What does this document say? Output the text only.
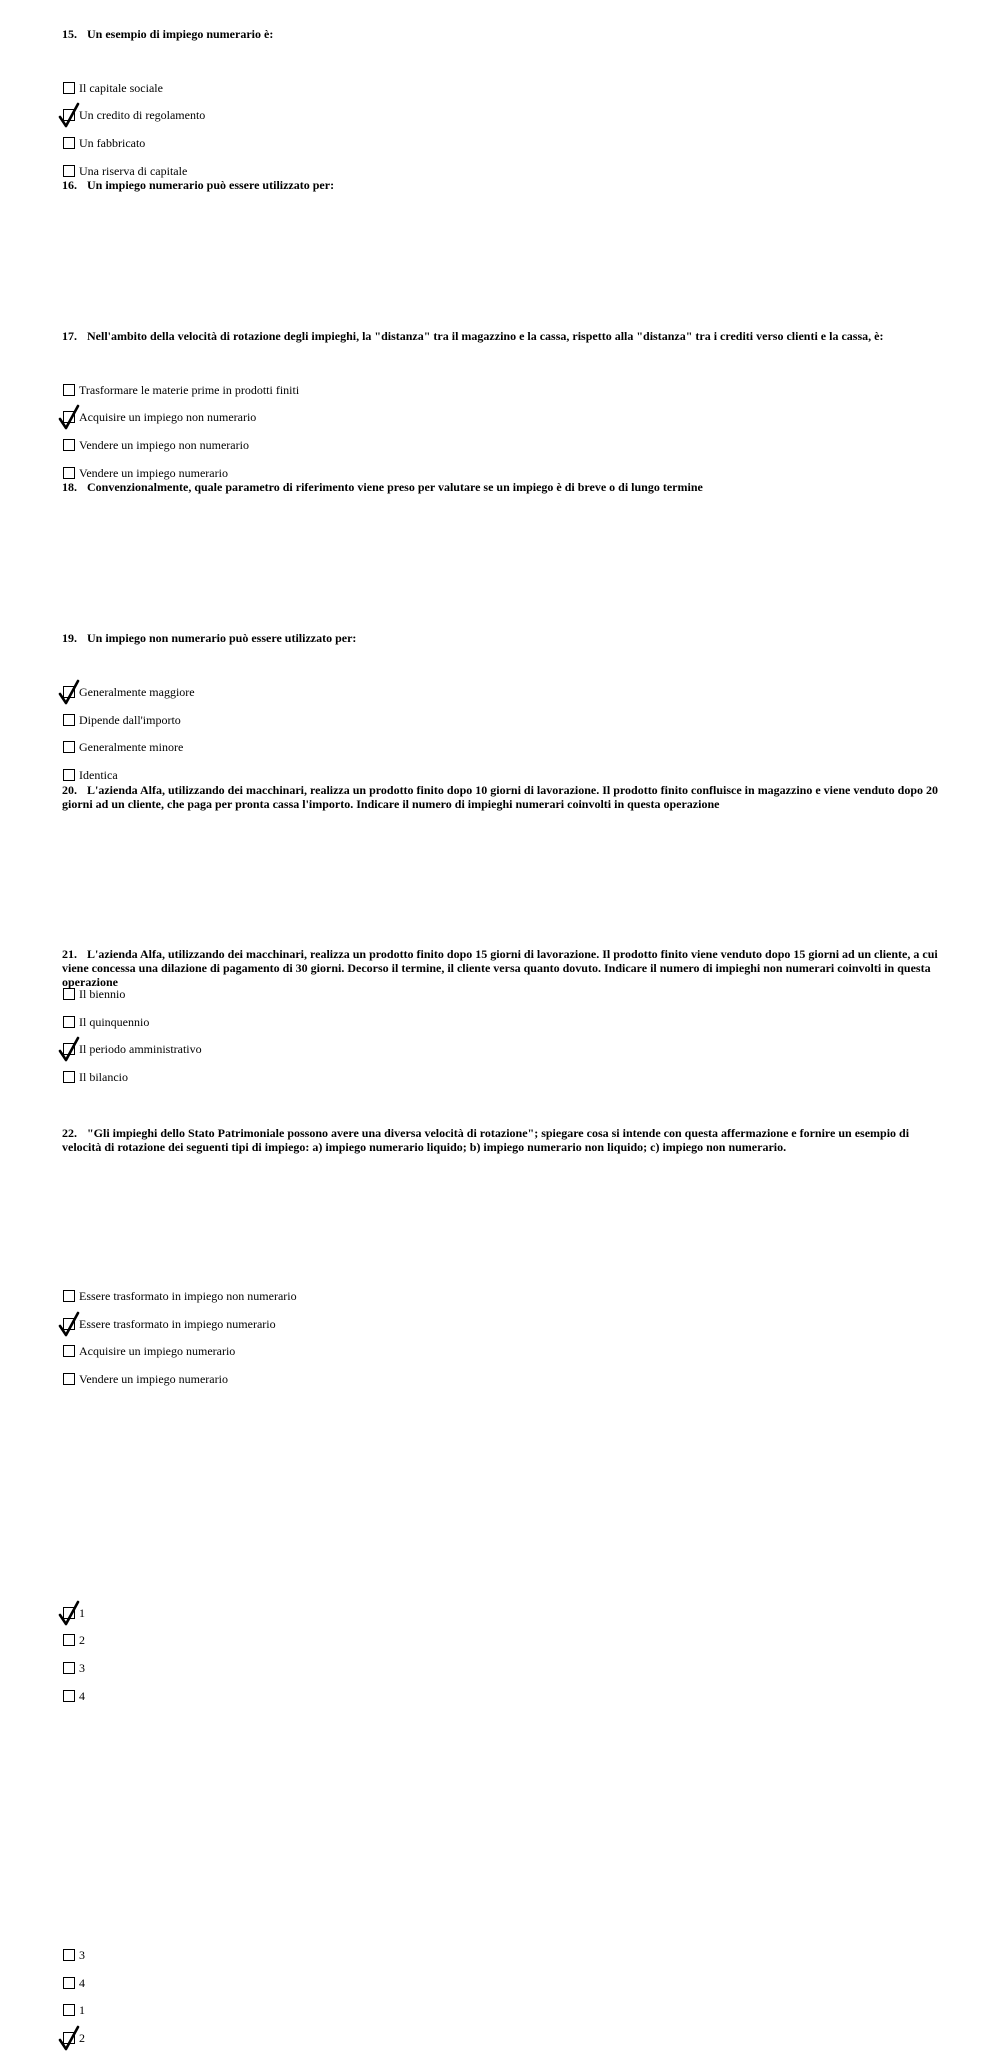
15. Un esempio di impiego numerario è:

Il capitale sociale
Un credito di regolamento
Un fabbricato
Una riserva di capitale

16. Un impiego numerario può essere utilizzato per:

Trasformare le materie prime in prodotti finiti
Acquisire un impiego non numerario
Vendere un impiego non numerario
Vendere un impiego numerario

17. Nell'ambito della velocità di rotazione degli impieghi, la "distanza" tra il magazzino e la cassa, rispetto alla "distanza" tra i crediti verso clienti e la cassa, è:

Generalmente maggiore
Dipende dall'importo
Generalmente minore
Identica

18. Convenzionalmente, quale parametro di riferimento viene preso per valutare se un impiego è di breve o di lungo termine

Il biennio
Il quinquennio
Il periodo amministrativo
Il bilancio

19. Un impiego non numerario può essere utilizzato per:

Essere trasformato in impiego non numerario
Essere trasformato in impiego numerario
Acquisire un impiego numerario
Vendere un impiego numerario

20. L'azienda Alfa, utilizzando dei macchinari, realizza un prodotto finito dopo 10 giorni di lavorazione. Il prodotto finito confluisce in magazzino e viene venduto dopo 20 giorni ad un cliente, che paga per pronta cassa l'importo. Indicare il numero di impieghi numerari coinvolti in questa operazione

1
2
3
4

21. L'azienda Alfa, utilizzando dei macchinari, realizza un prodotto finito dopo 15 giorni di lavorazione. Il prodotto finito viene venduto dopo 15 giorni ad un cliente, a cui viene concessa una dilazione di pagamento di 30 giorni. Decorso il termine, il cliente versa quanto dovuto. Indicare il numero di impieghi non numerari coinvolti in questa operazione

3
4
1
2

22. "Gli impieghi dello Stato Patrimoniale possono avere una diversa velocità di rotazione"; spiegare cosa si intende con questa affermazione e fornire un esempio di velocità di rotazione dei seguenti tipi di impiego: a) impiego numerario liquido; b) impiego numerario non liquido; c) impiego non numerario.
